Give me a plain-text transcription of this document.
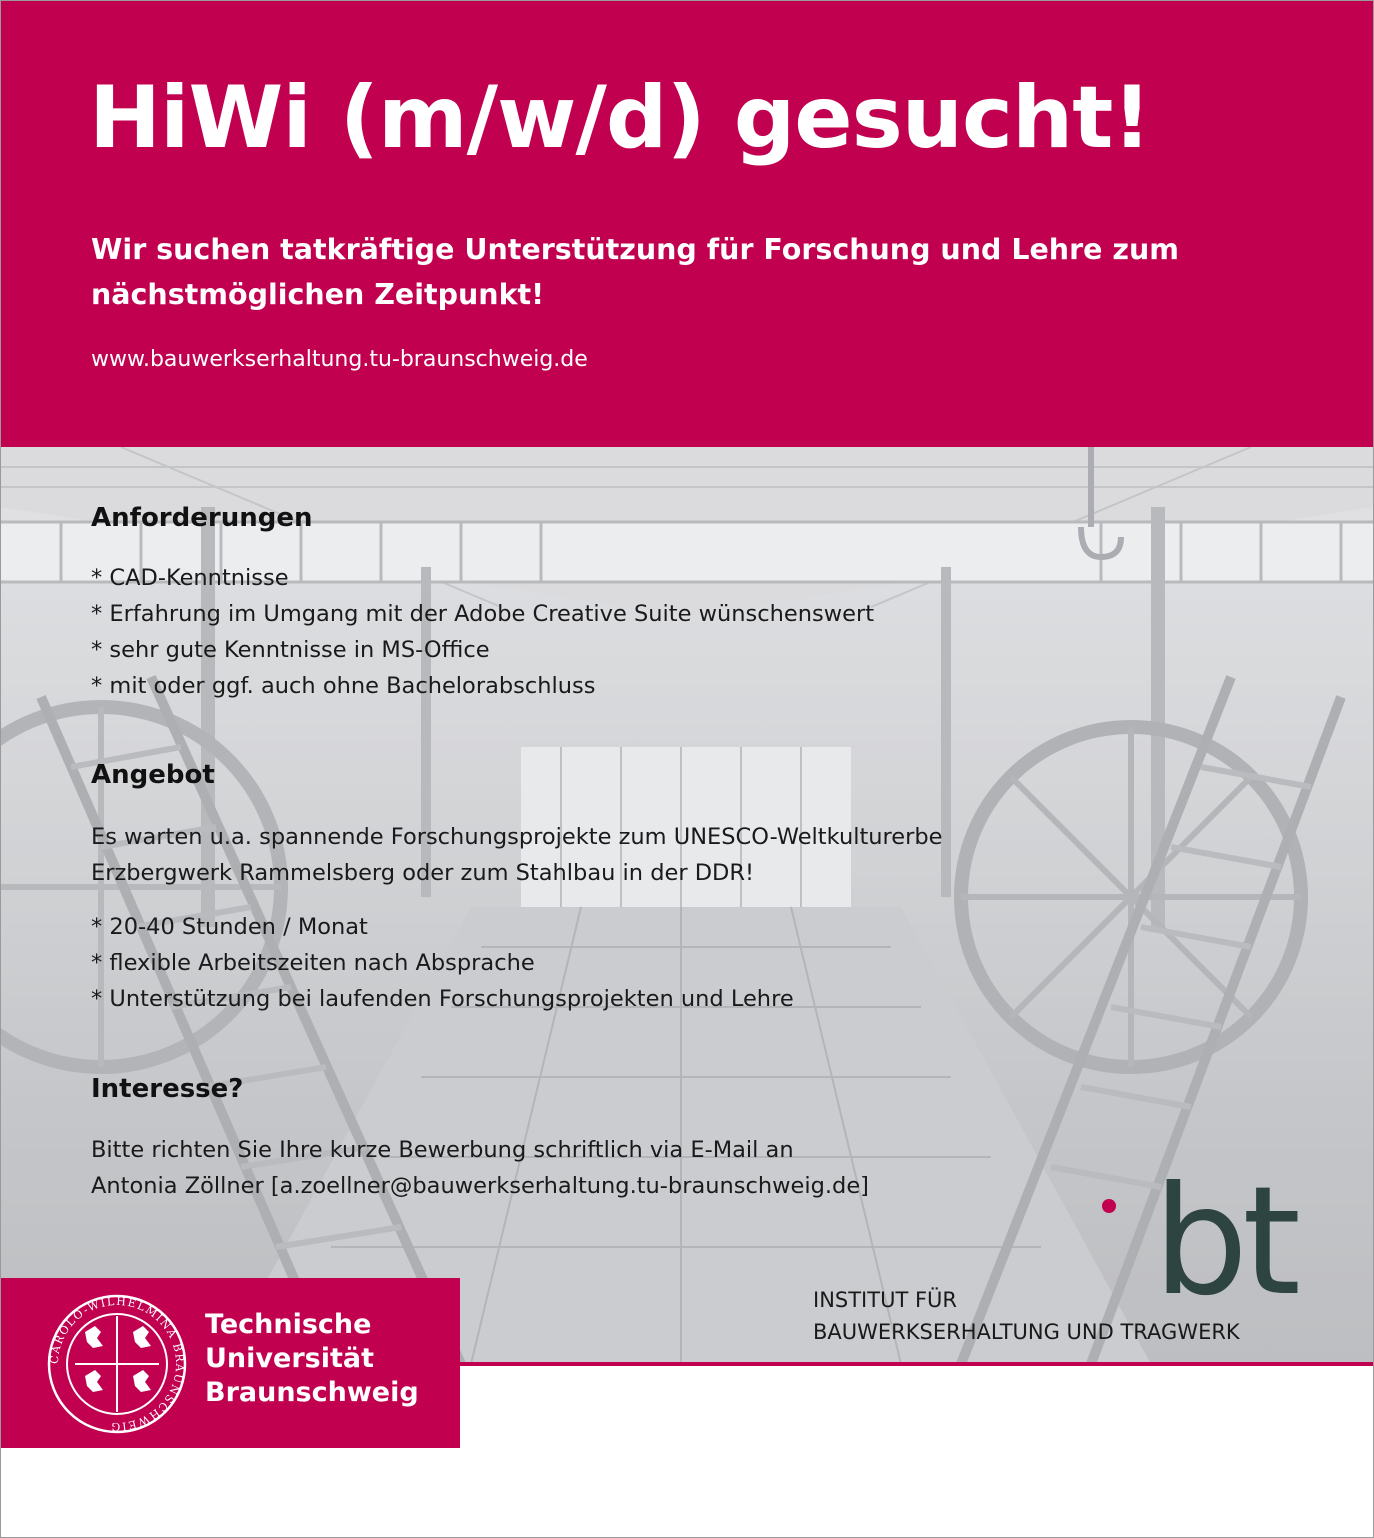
HiWi (m/w/d) gesucht!

Wir suchen tatkräftige Unterstützung für Forschung und Lehre zum nächstmöglichen Zeitpunkt!

www.bauwerkserhaltung.tu-braunschweig.de

Anforderungen

* CAD-Kenntnisse

* Erfahrung im Umgang mit der Adobe Creative Suite wünschenswert

* sehr gute Kenntnisse in MS-Office

* mit oder ggf. auch ohne Bachelorabschluss

Angebot

Es warten u.a. spannende Forschungsprojekte zum UNESCO-Weltkulturerbe

Erzbergwerk Rammelsberg oder zum Stahlbau in der DDR!

* 20-40 Stunden / Monat

* flexible Arbeitszeiten nach Absprache

* Unterstützung bei laufenden Forschungsprojekten und Lehre

Interesse?

Bitte richten Sie Ihre kurze Bewerbung schriftlich via E-Mail an

Antonia Zöllner [a.zoellner@bauwerkserhaltung.tu-braunschweig.de]

CAROLO-WILHELMINA BRAUNSCHWEIG

Technische
Universität
Braunschweig

bt

INSTITUT FÜR
BAUWERKSERHALTUNG UND TRAGWERK
